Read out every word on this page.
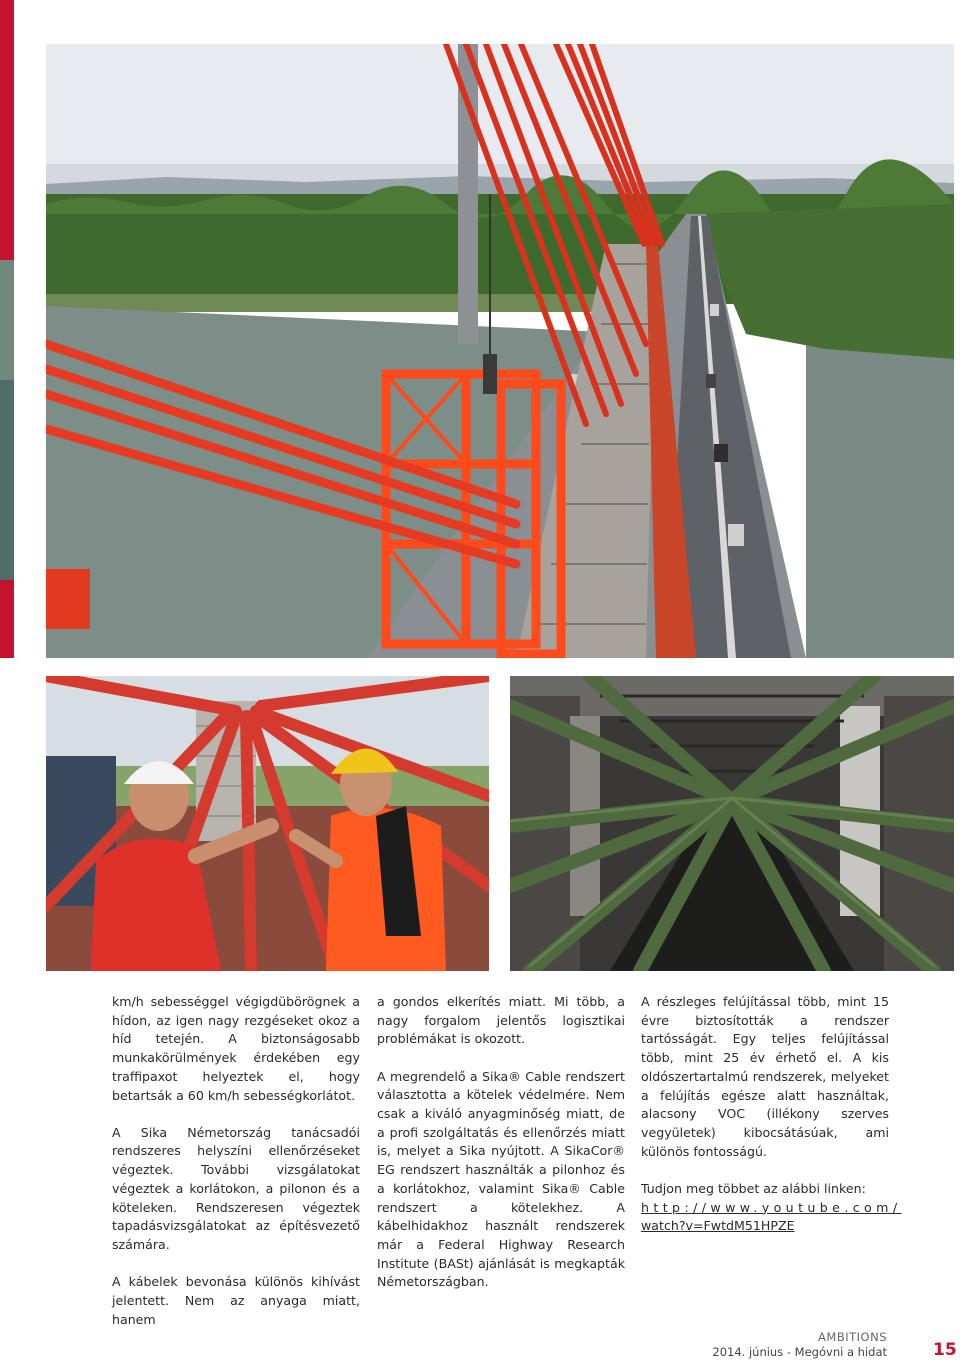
km/h sebességgel végigdübörögnek a hídon, az igen nagy rezgéseket okoz a híd tetején. A biztonságosabb munkakörülmények érdekében egy traffipaxot helyeztek el, hogy betartsák a 60 km/h sebességkorlátot.

A Sika Németország tanácsadói rendszeres helyszíni ellenőrzéseket végeztek. További vizsgálatokat végeztek a korlátokon, a pilonon és a köteleken. Rendszeresen végeztek tapadásvizsgálatokat az építésvezető számára.

A kábelek bevonása különös kihívást jelentett. Nem az anyaga miatt, hanem

a gondos elkerítés miatt. Mi több, a nagy forgalom jelentős logisztikai problémákat is okozott.

A megrendelő a Sika® Cable rendszert választotta a kötelek védelmére. Nem csak a kiváló anyagminőség miatt, de a profi szolgáltatás és ellenőrzés miatt is, melyet a Sika nyújtott. A SikaCor® EG rendszert használták a pilonhoz és a korlátokhoz, valamint Sika® Cable rendszert a kötelekhez. A kábelhidakhoz használt rendszerek már a Federal Highway Research Institute (BASt) ajánlását is megkapták Németországban.

A részleges felújítással több, mint 15 évre biztosították a rendszer tartósságát. Egy teljes felújítással több, mint 25 év érhető el. A kis oldószertartalmú rendszerek, melyeket a felújítás egésze alatt használtak, alacsony VOC (illékony szerves vegyületek) kibocsátásúak, ami különös fontosságú.

Tudjon meg többet az alábbi linken:
http://www.youtube.com/
watch?v=FwtdM51HPZE
AMBITIONS
2014. június - Megóvni a hidat	15
